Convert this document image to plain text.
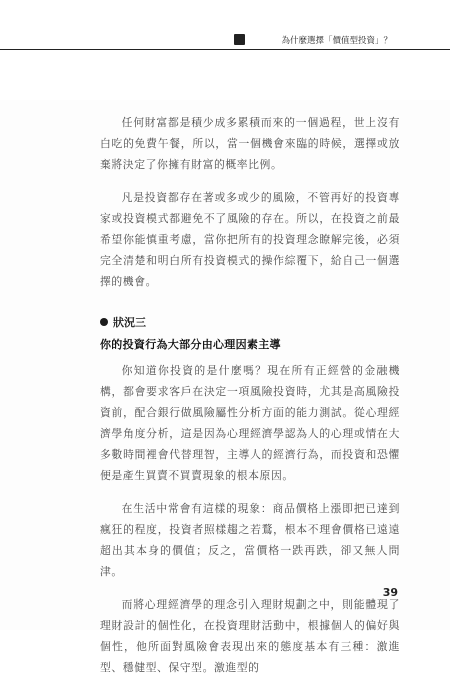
為什麼選擇「價值型投資」？

任何財富都是積少成多累積而來的一個過程，世上沒有白吃的免費午餐，所以，當一個機會來臨的時候，選擇或放棄將決定了你擁有財富的概率比例。

凡是投資都存在著或多或少的風險，不管再好的投資專家或投資模式都避免不了風險的存在。所以，在投資之前最希望你能慎重考慮，當你把所有的投資理念瞭解完後，必須完全清楚和明白所有投資模式的操作綜覆下，給自己一個選擇的機會。

狀況三
你的投資行為大部分由心理因素主導

你知道你投資的是什麼嗎？現在所有正經營的金融機構，都會要求客戶在決定一項風險投資時，尤其是高風險投資前，配合銀行做風險屬性分析方面的能力測試。從心理經濟學角度分析，這是因為心理經濟學認為人的心理或情在大多數時間裡會代替理智，主導人的經濟行為，而投資和恐懼便是產生買賣不買賣現象的根本原因。

在生活中常會有這樣的現象：商品價格上漲即把已達到瘋狂的程度，投資者照樣趨之若鶩，根本不理會價格已遠遠超出其本身的價值；反之，當價格一跌再跌，卻又無人問津。

而將心理經濟學的理念引入理財規劃之中，則能體現了理財設計的個性化，在投資理財活動中，根據個人的偏好與個性，他所面對風險會表現出來的態度基本有三種：激進型、穩健型、保守型。激進型的

39
